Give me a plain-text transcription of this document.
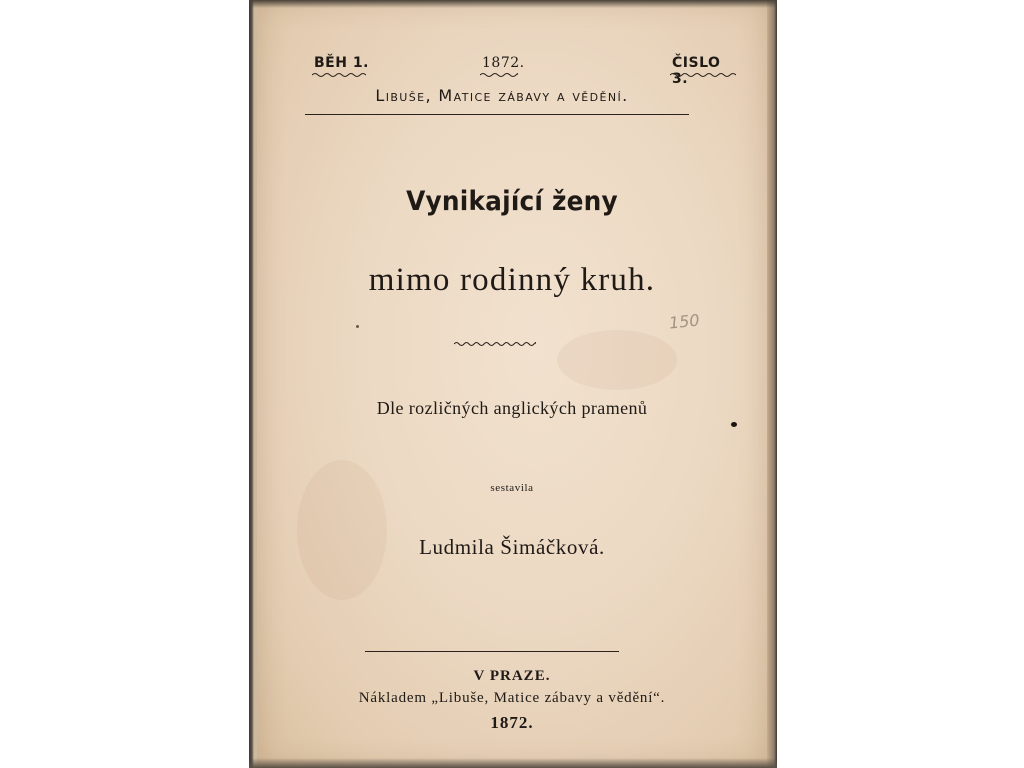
BĚH 1.	1872.	ČISLO 3.
Libuše, Matice zábavy a vědění.
Vynikající ženy
mimo rodinný kruh.
150
Dle rozličných anglických pramenů
sestavila
Ludmila Šimáčková.
V PRAZE.
Nákladem „Libuše, Matice zábavy a vědění“.
1872.
